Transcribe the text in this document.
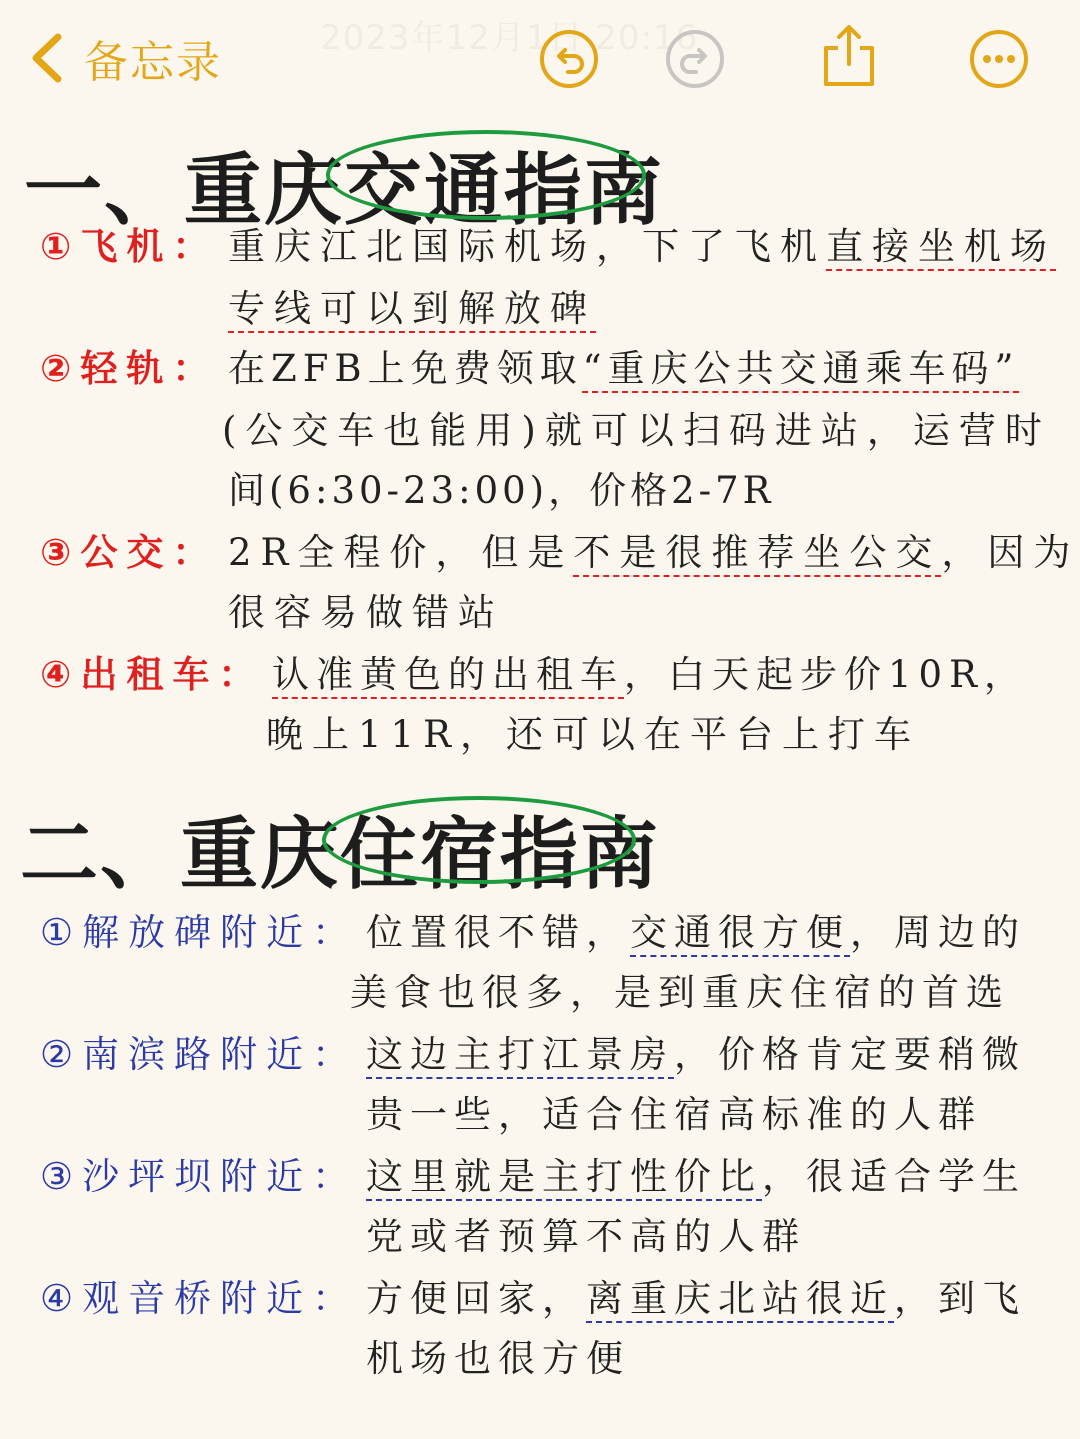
2023年12月1日 20:16
备忘录
一、重庆交通指南
①飞机： 重庆江北国际机场，下了飞机直接坐机场
专线可以到解放碑
②轻轨： 在ZFB上免费领取“重庆公共交通乘车码”
(公交车也能用)就可以扫码进站，运营时
间(6:30-23:00)，价格2-7R
③公交： 2R全程价，但是不是很推荐坐公交，因为
很容易做错站
④出租车： 认准黄色的出租车，白天起步价10R，
晚上11R，还可以在平台上打车
二、重庆住宿指南
①解放碑附近： 位置很不错，交通很方便，周边的
美食也很多，是到重庆住宿的首选
②南滨路附近： 这边主打江景房，价格肯定要稍微
贵一些，适合住宿高标准的人群
③沙坪坝附近： 这里就是主打性价比，很适合学生
党或者预算不高的人群
④观音桥附近： 方便回家，离重庆北站很近，到飞
机场也很方便
